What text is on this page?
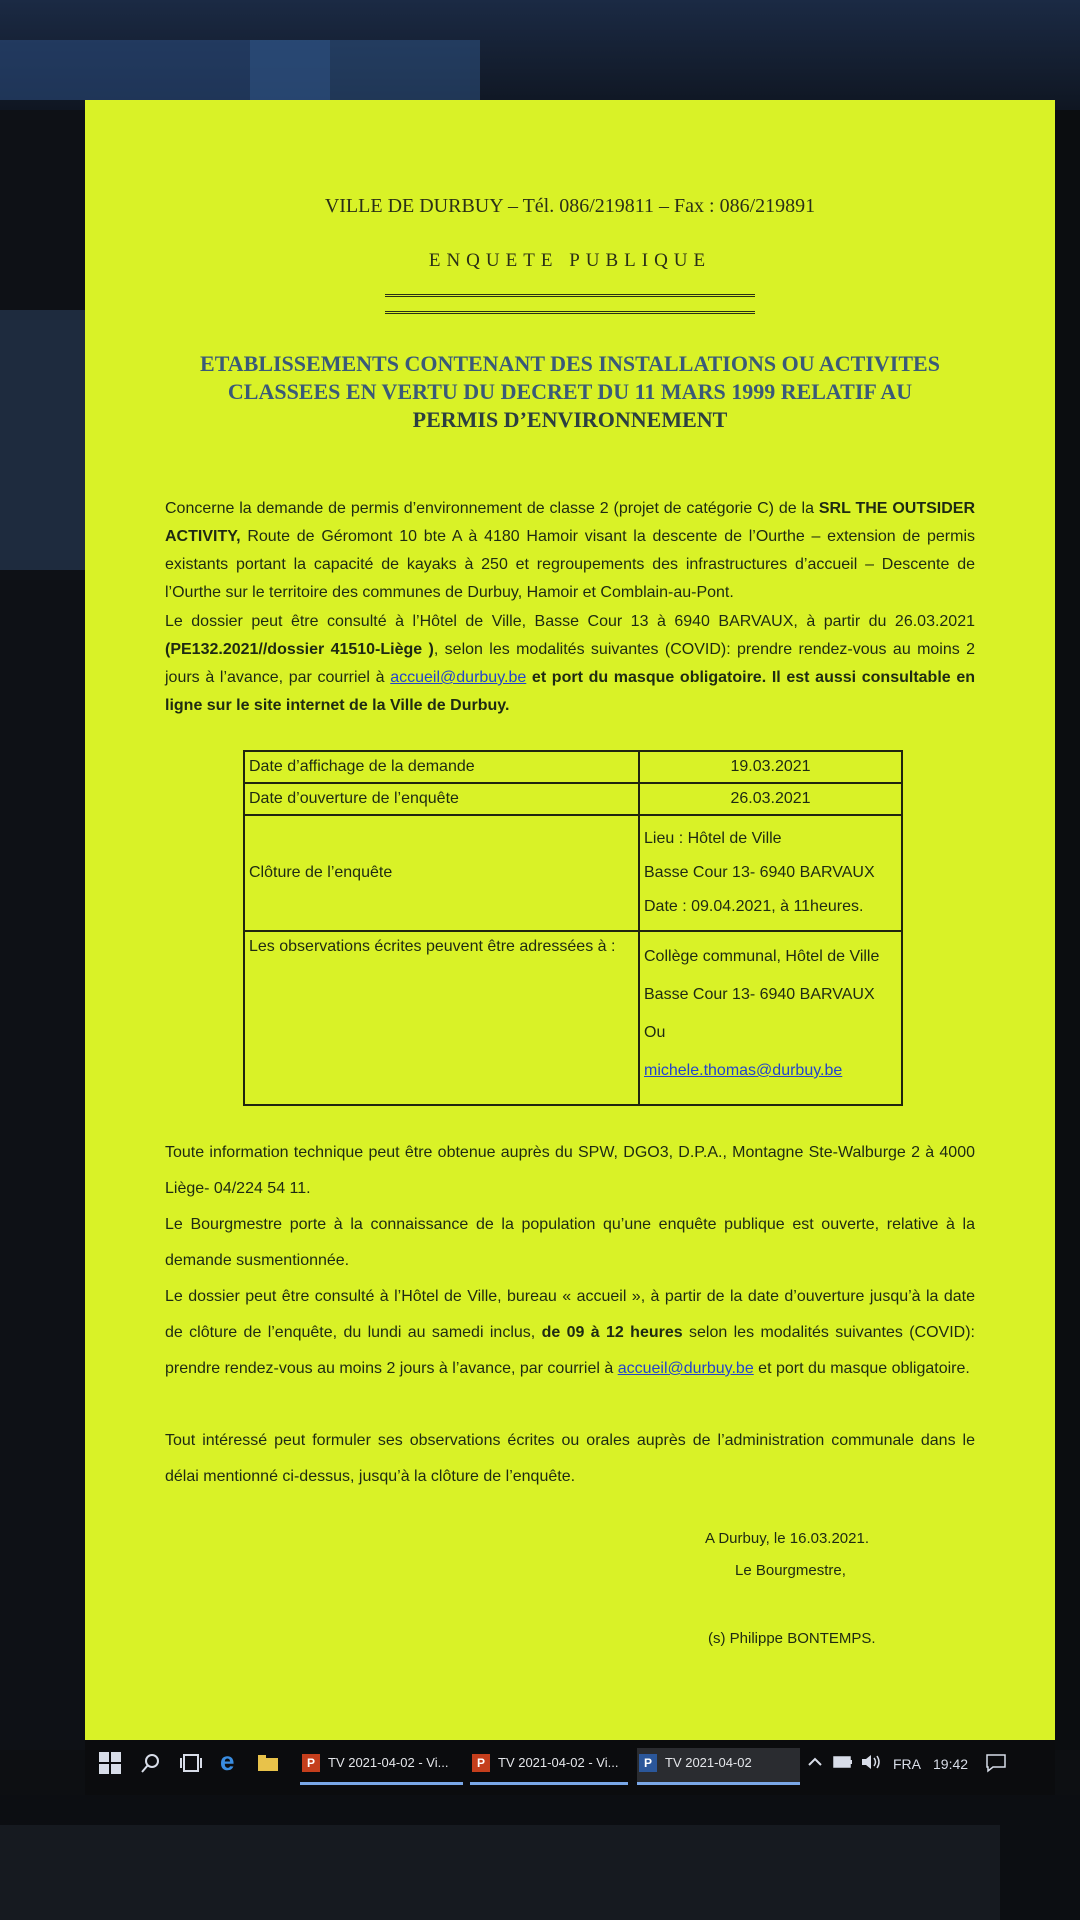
VILLE DE DURBUY – Tél. 086/219811 – Fax : 086/219891
ENQUETE PUBLIQUE
ETABLISSEMENTS CONTENANT DES INSTALLATIONS OU ACTIVITES
CLASSEES EN VERTU DU DECRET DU 11 MARS 1999 RELATIF AU
PERMIS D’ENVIRONNEMENT
Concerne la demande de permis d’environnement de classe 2 (projet de catégorie C) de la SRL THE OUTSIDER ACTIVITY, Route de Géromont 10 bte A à 4180 Hamoir visant la descente de l’Ourthe – extension de permis existants portant la capacité de kayaks à 250 et regroupements des infrastructures d’accueil – Descente de l’Ourthe sur le territoire des communes de Durbuy, Hamoir et Comblain-au-Pont.
Le dossier peut être consulté à l’Hôtel de Ville, Basse Cour 13 à 6940 BARVAUX, à partir du 26.03.2021 (PE132.2021//dossier 41510-Liège ), selon les modalités suivantes (COVID): prendre rendez-vous au moins 2 jours à l’avance, par courriel à accueil@durbuy.be et port du masque obligatoire. Il est aussi consultable en ligne sur le site internet de la Ville de Durbuy.
Date d’affichage de la demande	19.03.2021
Date d’ouverture de l’enquête	26.03.2021
Clôture de l’enquête	Lieu : Hôtel de Ville
Basse Cour 13- 6940 BARVAUX
Date : 09.04.2021, à 11heures.

Les observations écrites peuvent être adressées à :	Collège communal, Hôtel de Ville
Basse Cour 13- 6940 BARVAUX
Ou
michele.thomas@durbuy.be
Toute information technique peut être obtenue auprès du SPW, DGO3, D.P.A., Montagne Ste-Walburge 2 à 4000 Liège- 04/224 54 11.
Le Bourgmestre porte à la connaissance de la population qu’une enquête publique est ouverte, relative à la demande susmentionnée.
Le dossier peut être consulté à l’Hôtel de Ville, bureau « accueil », à partir de la date d’ouverture jusqu’à la date de clôture de l’enquête, du lundi au samedi inclus, de 09 à 12 heures selon les modalités suivantes (COVID): prendre rendez-vous au moins 2 jours à l’avance, par courriel à accueil@durbuy.be et port du masque obligatoire.
Tout intéressé peut formuler ses observations écrites ou orales auprès de l’administration communale dans le délai mentionné ci-dessus, jusqu’à la clôture de l’enquête.
A Durbuy, le 16.03.2021.
Le Bourgmestre,
(s) Philippe BONTEMPS.
e	P	TV 2021-04-02 - Vi...	P	TV 2021-04-02 - Vi...	P	TV 2021-04-02	FRA 19:42
